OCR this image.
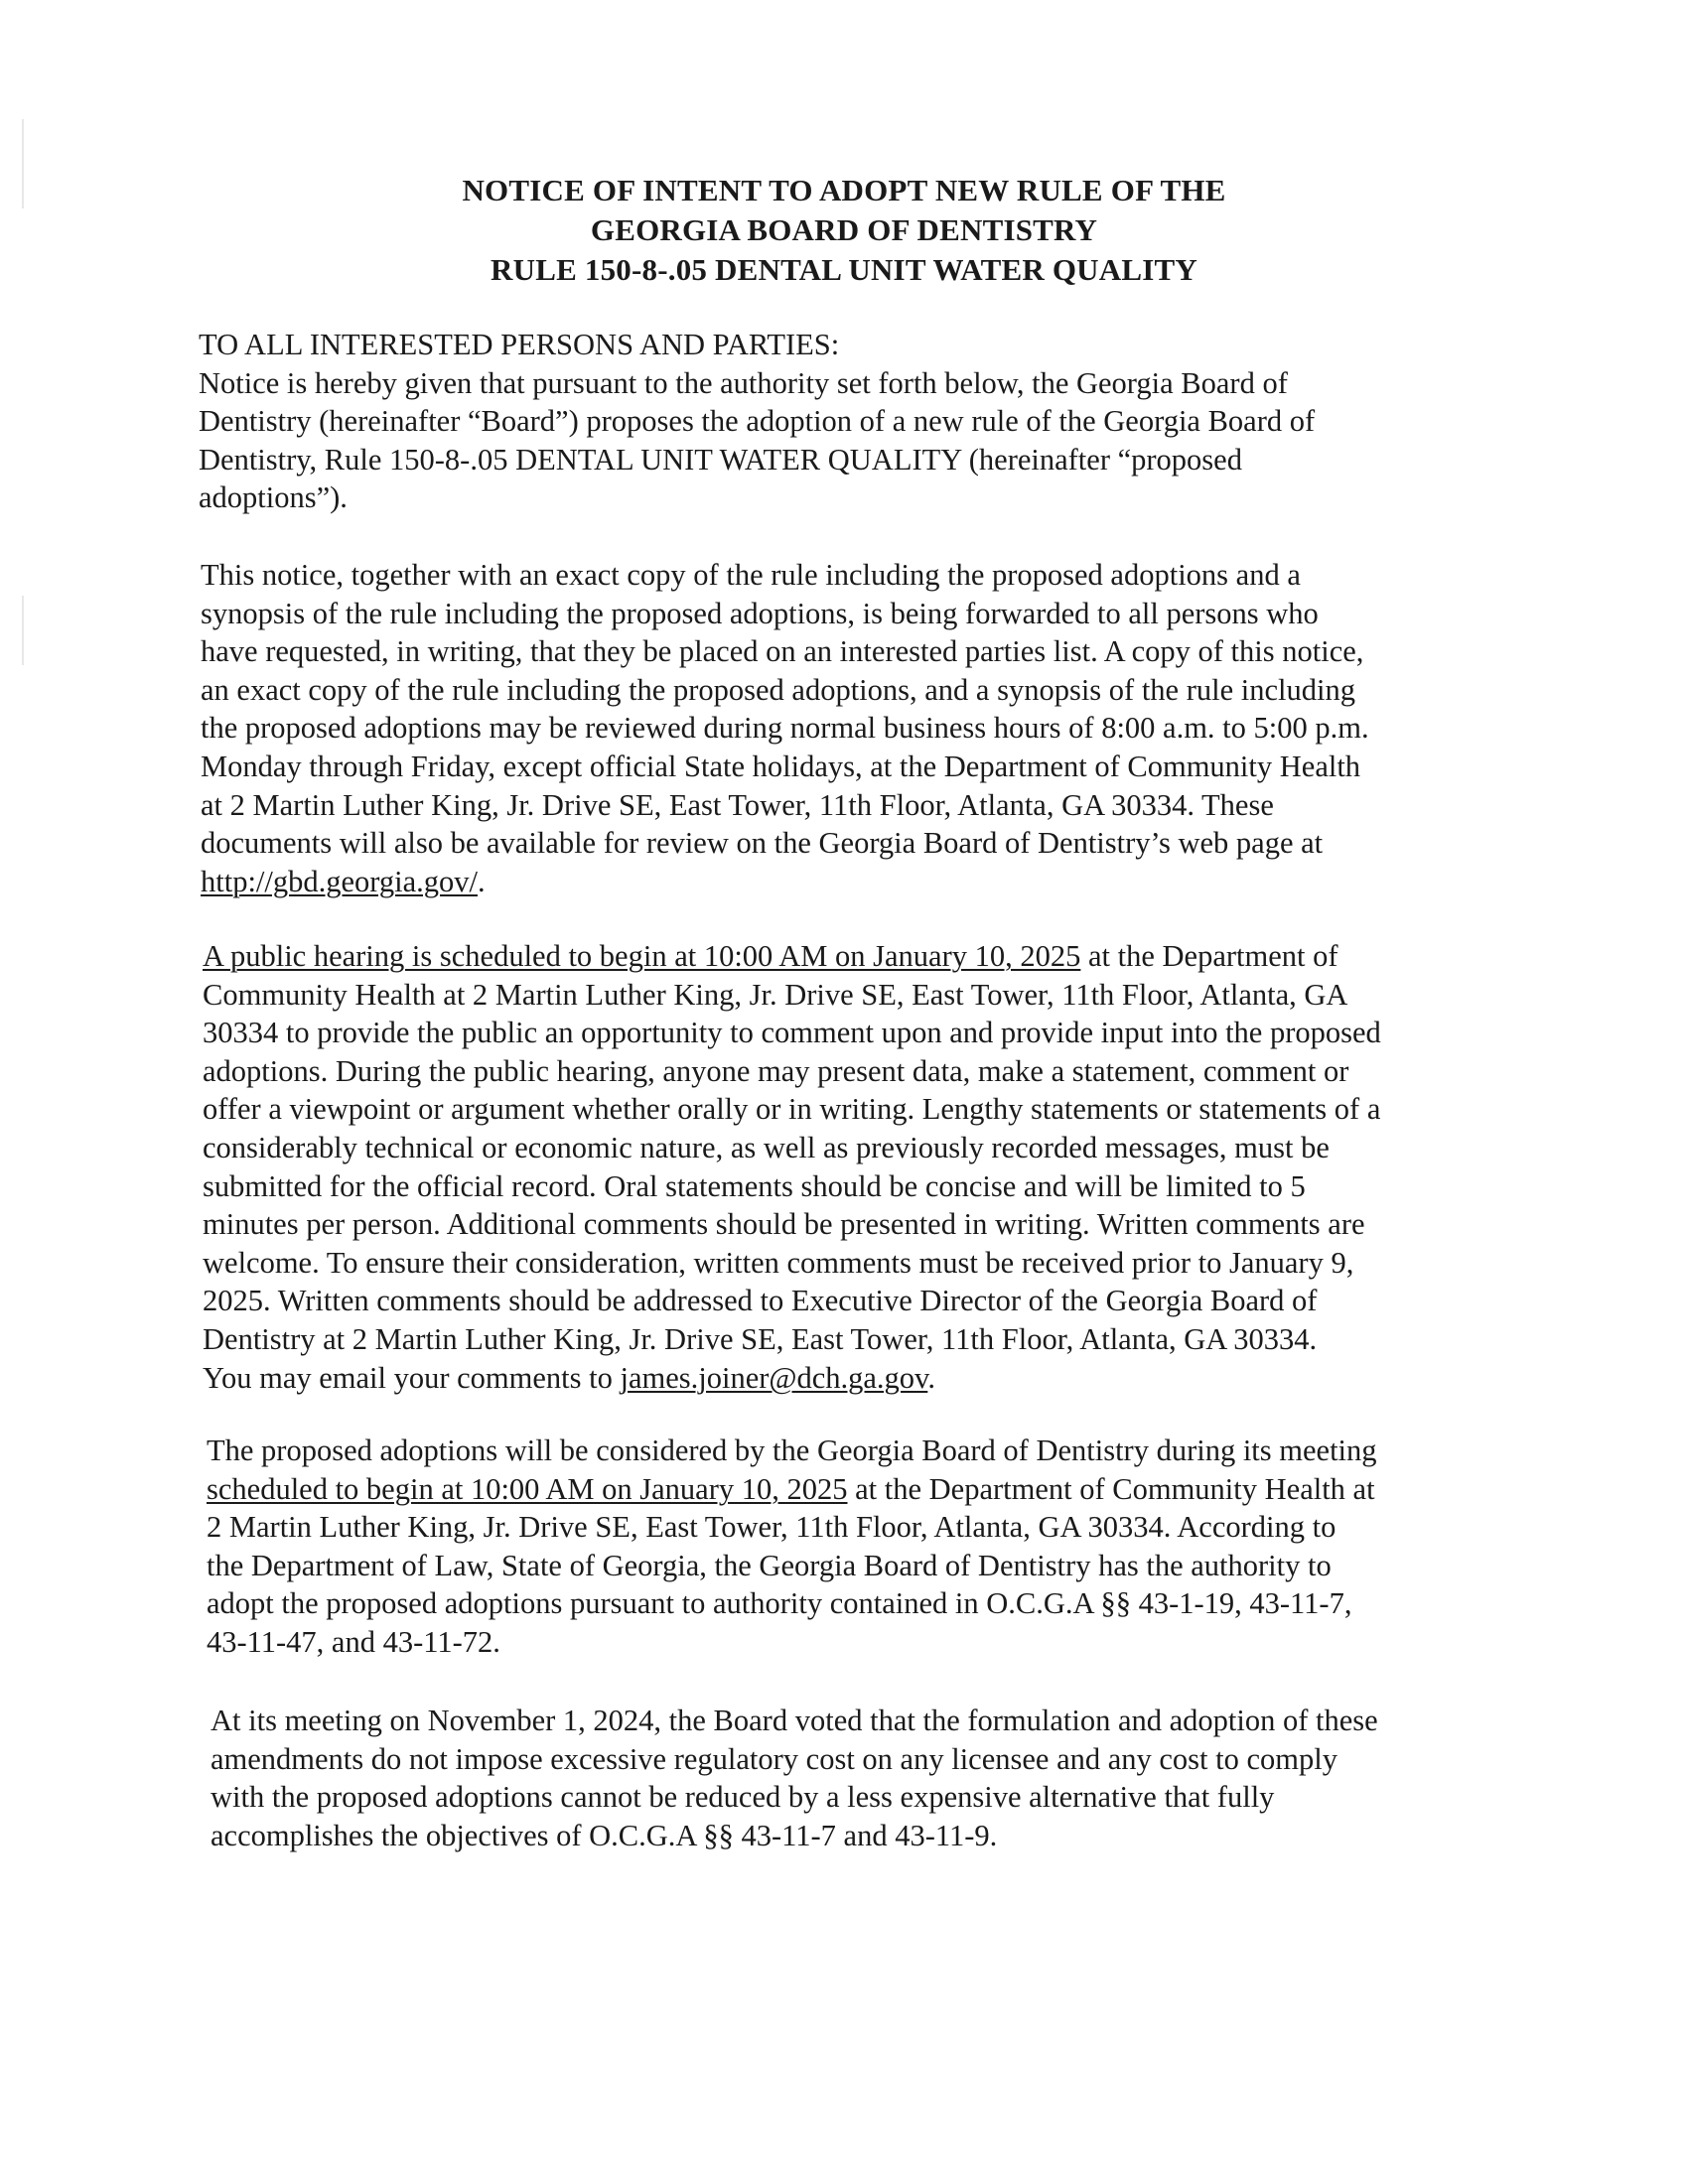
NOTICE OF INTENT TO ADOPT NEW RULE OF THE
GEORGIA BOARD OF DENTISTRY
RULE 150-8-.05 DENTAL UNIT WATER QUALITY
TO ALL INTERESTED PERSONS AND PARTIES:
Notice is hereby given that pursuant to the authority set forth below, the Georgia Board of
Dentistry (hereinafter “Board”) proposes the adoption of a new rule of the Georgia Board of
Dentistry, Rule 150-8-.05 DENTAL UNIT WATER QUALITY (hereinafter “proposed
adoptions”).
This notice, together with an exact copy of the rule including the proposed adoptions and a
synopsis of the rule including the proposed adoptions, is being forwarded to all persons who
have requested, in writing, that they be placed on an interested parties list. A copy of this notice,
an exact copy of the rule including the proposed adoptions, and a synopsis of the rule including
the proposed adoptions may be reviewed during normal business hours of 8:00 a.m. to 5:00 p.m.
Monday through Friday, except official State holidays, at the Department of Community Health
at 2 Martin Luther King, Jr. Drive SE, East Tower, 11th Floor, Atlanta, GA 30334. These
documents will also be available for review on the Georgia Board of Dentistry’s web page at
http://gbd.georgia.gov/.
A public hearing is scheduled to begin at 10:00 AM on January 10, 2025 at the Department of
Community Health at 2 Martin Luther King, Jr. Drive SE, East Tower, 11th Floor, Atlanta, GA
30334 to provide the public an opportunity to comment upon and provide input into the proposed
adoptions. During the public hearing, anyone may present data, make a statement, comment or
offer a viewpoint or argument whether orally or in writing. Lengthy statements or statements of a
considerably technical or economic nature, as well as previously recorded messages, must be
submitted for the official record. Oral statements should be concise and will be limited to 5
minutes per person. Additional comments should be presented in writing. Written comments are
welcome. To ensure their consideration, written comments must be received prior to January 9,
2025. Written comments should be addressed to Executive Director of the Georgia Board of
Dentistry at 2 Martin Luther King, Jr. Drive SE, East Tower, 11th Floor, Atlanta, GA 30334.
You may email your comments to james.joiner@dch.ga.gov.
The proposed adoptions will be considered by the Georgia Board of Dentistry during its meeting
scheduled to begin at 10:00 AM on January 10, 2025 at the Department of Community Health at
2 Martin Luther King, Jr. Drive SE, East Tower, 11th Floor, Atlanta, GA 30334. According to
the Department of Law, State of Georgia, the Georgia Board of Dentistry has the authority to
adopt the proposed adoptions pursuant to authority contained in O.C.G.A §§ 43-1-19, 43-11-7,
43-11-47, and 43-11-72.
At its meeting on November 1, 2024, the Board voted that the formulation and adoption of these
amendments do not impose excessive regulatory cost on any licensee and any cost to comply
with the proposed adoptions cannot be reduced by a less expensive alternative that fully
accomplishes the objectives of O.C.G.A §§ 43-11-7 and 43-11-9.
